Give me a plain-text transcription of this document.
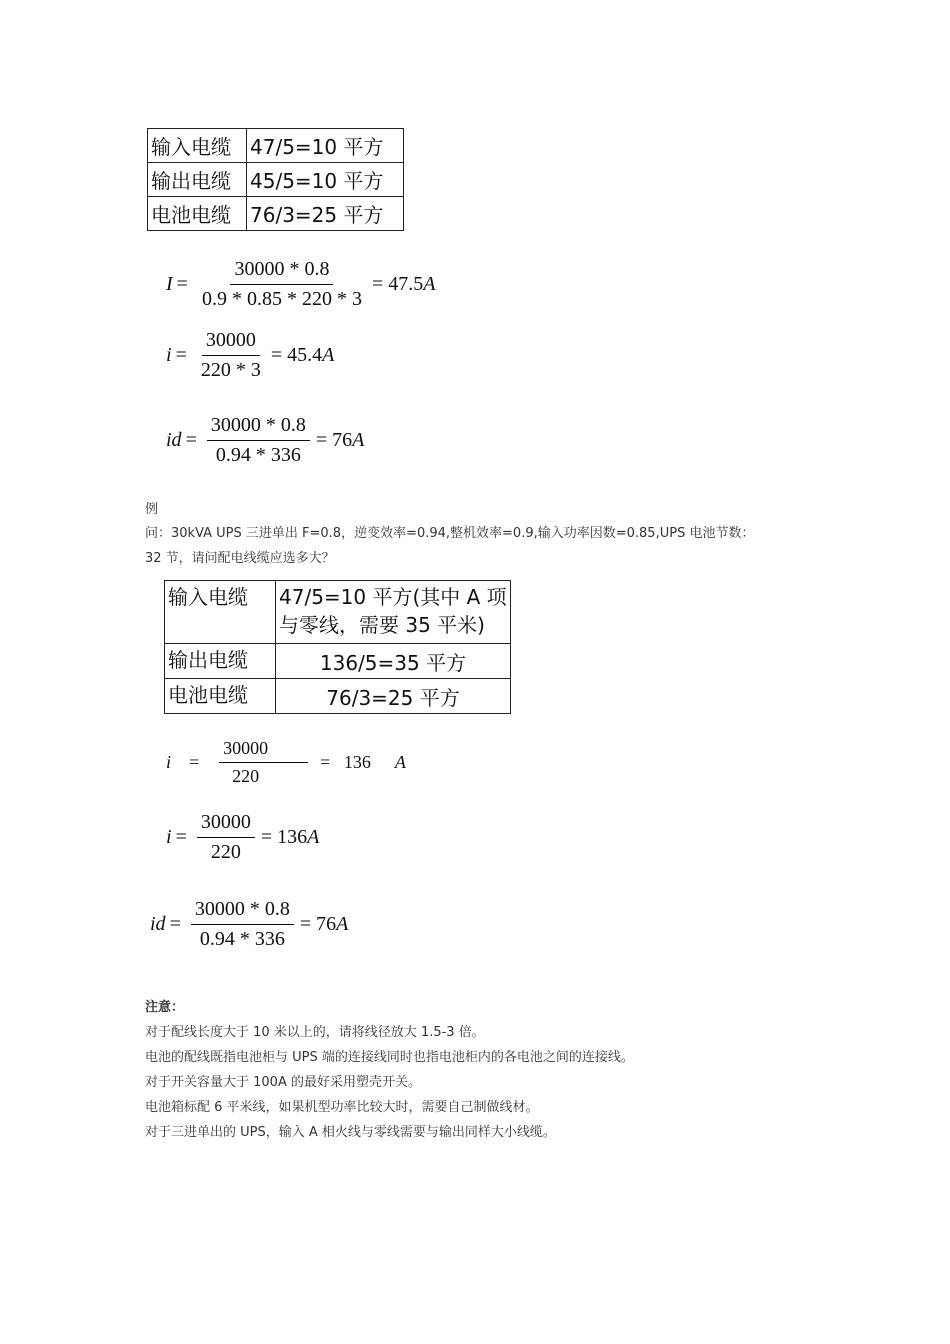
输入电缆	47/5=10 平方
输出电缆	45/5=10 平方
电池电缆	76/3=25 平方
$I = \frac{30000 * 0.8}{0.9 * 0.85 * 220 * 3} = 47.5$ A
$i = \frac{30000}{220 * 3} = 45.4$ A
id = $\frac{30000 * 0.8}{0.94 * 336} = 76$ A
例
问：30kVA UPS 三进单出 F=0.8，逆变效率=0.94,整机效率=0.9,输入功率因数=0.85,UPS 电池节数：
32 节，请问配电线缆应选多大？
输入电缆	47/5=10 平方(其中 A 项
与零线，需要 35 平米)

输出电缆	136/5=35 平方
电池电缆	76/3=25 平方
$i = \frac{30000}{220} = 136$ A
$i = \frac{30000}{220} = 136$ A
id = $\frac{30000 * 0.8}{0.94 * 336} = 76$ A
注意：
对于配线长度大于 10 米以上的，请将线径放大 1.5-3 倍。
电池的配线既指电池柜与 UPS 端的连接线同时也指电池柜内的各电池之间的连接线。
对于开关容量大于 100A 的最好采用塑壳开关。
电池箱标配 6 平米线，如果机型功率比较大时，需要自己制做线材。
对于三进单出的 UPS，输入 A 相火线与零线需要与输出同样大小线缆。
